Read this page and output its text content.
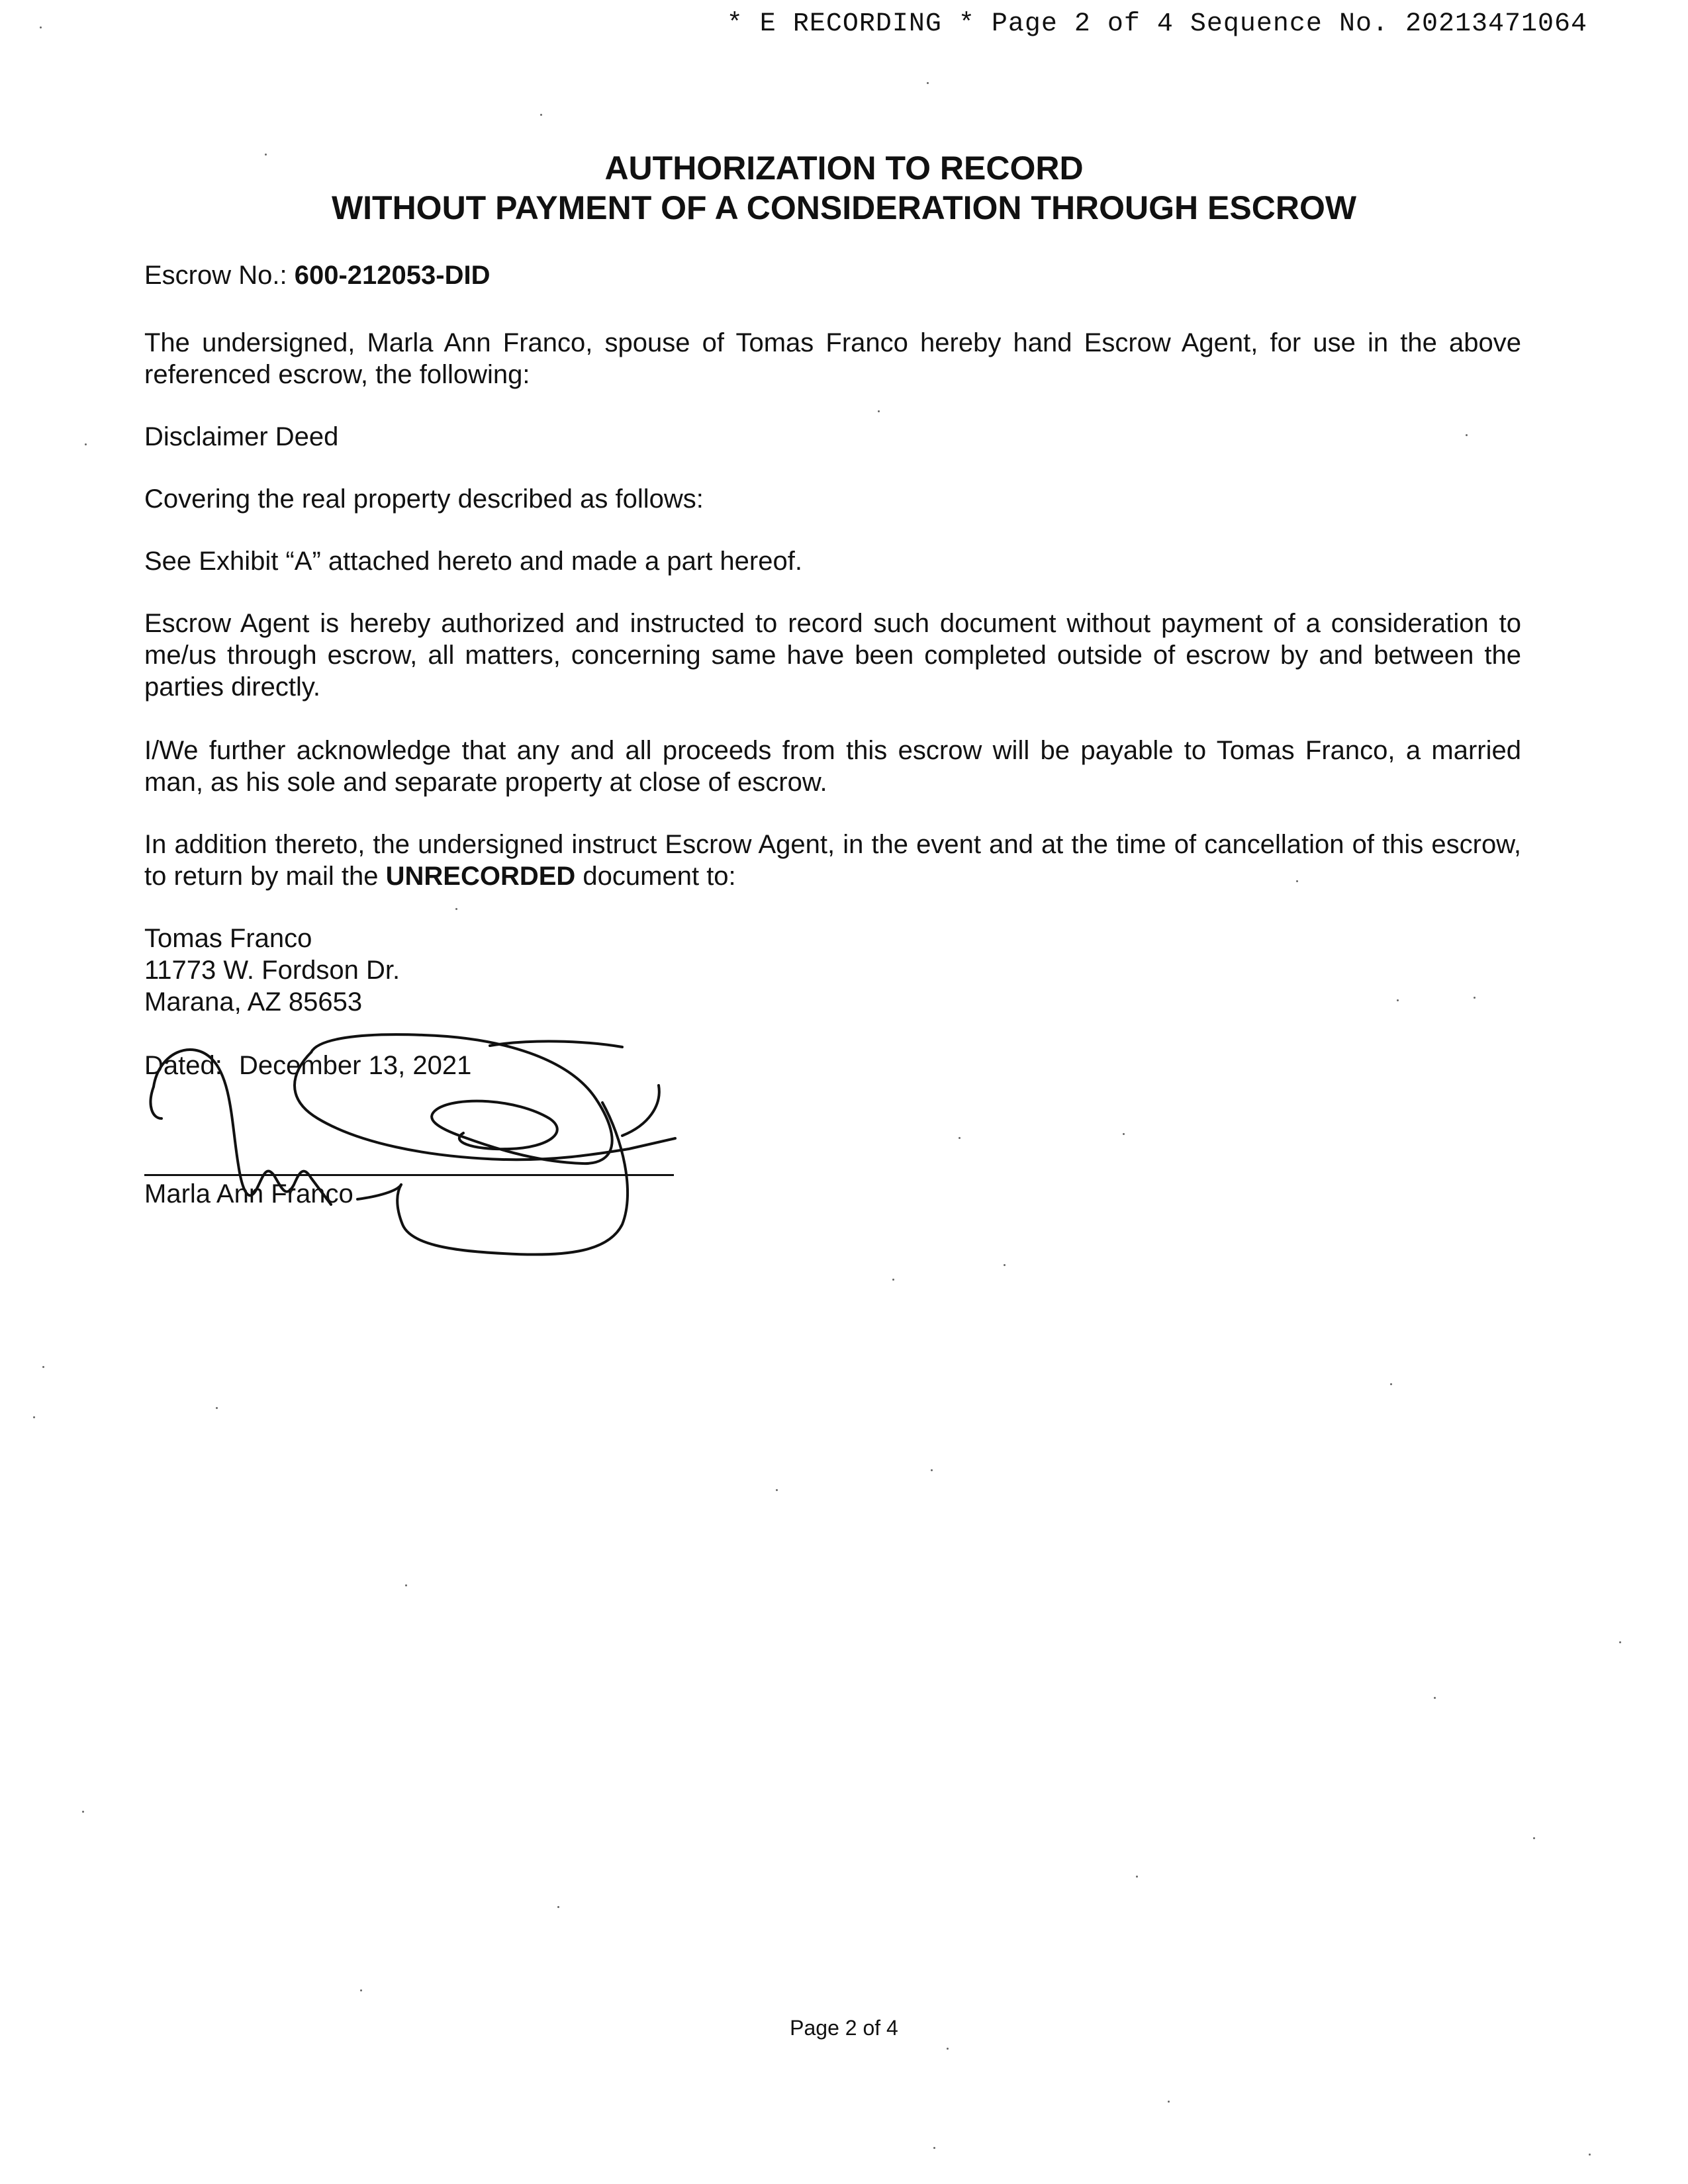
* E RECORDING * Page 2 of 4 Sequence No. 20213471064
AUTHORIZATION TO RECORD
WITHOUT PAYMENT OF A CONSIDERATION THROUGH ESCROW
Escrow No.: 600-212053-DID
The undersigned, Marla Ann Franco, spouse of Tomas Franco hereby hand Escrow Agent, for use in the above referenced escrow, the following:
Disclaimer Deed
Covering the real property described as follows:
See Exhibit “A” attached hereto and made a part hereof.
Escrow Agent is hereby authorized and instructed to record such document without payment of a consideration to me/us through escrow, all matters, concerning same have been completed outside of escrow by and between the parties directly.
I/We further acknowledge that any and all proceeds from this escrow will be payable to Tomas Franco, a married man, as his sole and separate property at close of escrow.
In addition thereto, the undersigned instruct Escrow Agent, in the event and at the time of cancellation of this escrow, to return by mail the UNRECORDED document to:
Tomas Franco
11773 W. Fordson Dr.
Marana, AZ 85653
Dated: December 13, 2021
Marla Ann Franco
Page 2 of 4
